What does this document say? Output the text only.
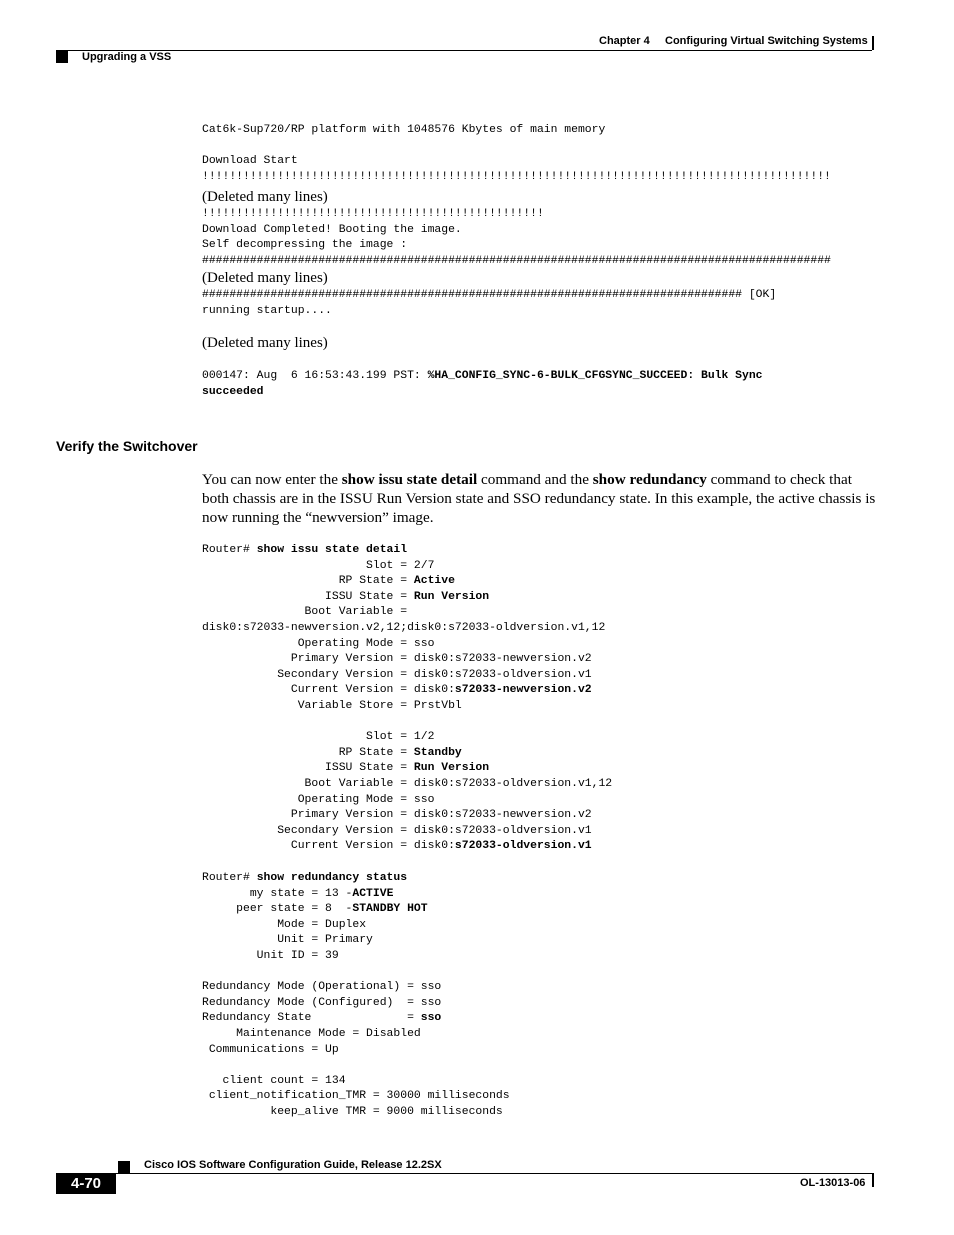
Chapter 4 Configuring Virtual Switching Systems
Upgrading a VSS
Cat6k-Sup720/RP platform with 1048576 Kbytes of main memory

Download Start
!!!!!!!!!!!!!!!!!!!!!!!!!!!!!!!!!!!!!!!!!!!!!!!!!!!!!!!!!!!!!!!!!!!!!!!!!!!!!!!!!!!!!!!!!!!!
(Deleted many lines)
!!!!!!!!!!!!!!!!!!!!!!!!!!!!!!!!!!!!!!!!!!!!!!!!!!
Download Completed! Booting the image.
Self decompressing the image :
############################################################################################
(Deleted many lines)
############################################################################### [OK]
running startup....
(Deleted many lines)
000147: Aug  6 16:53:43.199 PST: %HA_CONFIG_SYNC-6-BULK_CFGSYNC_SUCCEED: Bulk Sync
succeeded
Verify the Switchover
You can now enter the show issu state detail command and the show redundancy command to check that both chassis are in the ISSU Run Version state and SSO redundancy state. In this example, the active chassis is now running the “newversion” image.
Router# show issu state detail
Slot = 2/7
RP State = Active
ISSU State = Run Version
Boot Variable =
disk0:s72033-newversion.v2,12;disk0:s72033-oldversion.v1,12
Operating Mode = sso
Primary Version = disk0:s72033-newversion.v2
Secondary Version = disk0:s72033-oldversion.v1
Current Version = disk0:s72033-newversion.v2
Variable Store = PrstVbl

Slot = 1/2
RP State = Standby
ISSU State = Run Version
Boot Variable = disk0:s72033-oldversion.v1,12
Operating Mode = sso
Primary Version = disk0:s72033-newversion.v2
Secondary Version = disk0:s72033-oldversion.v1
Current Version = disk0:s72033-oldversion.v1
Router# show redundancy status
my state = 13 -ACTIVE
peer state = 8  -STANDBY HOT
Mode = Duplex
Unit = Primary
Unit ID = 39

Redundancy Mode (Operational) = sso
Redundancy Mode (Configured)  = sso
Redundancy State              = sso
Maintenance Mode = Disabled
Communications = Up

client count = 134
client_notification_TMR = 30000 milliseconds
keep_alive TMR = 9000 milliseconds
Cisco IOS Software Configuration Guide, Release 12.2SX
4-70	OL-13013-06
